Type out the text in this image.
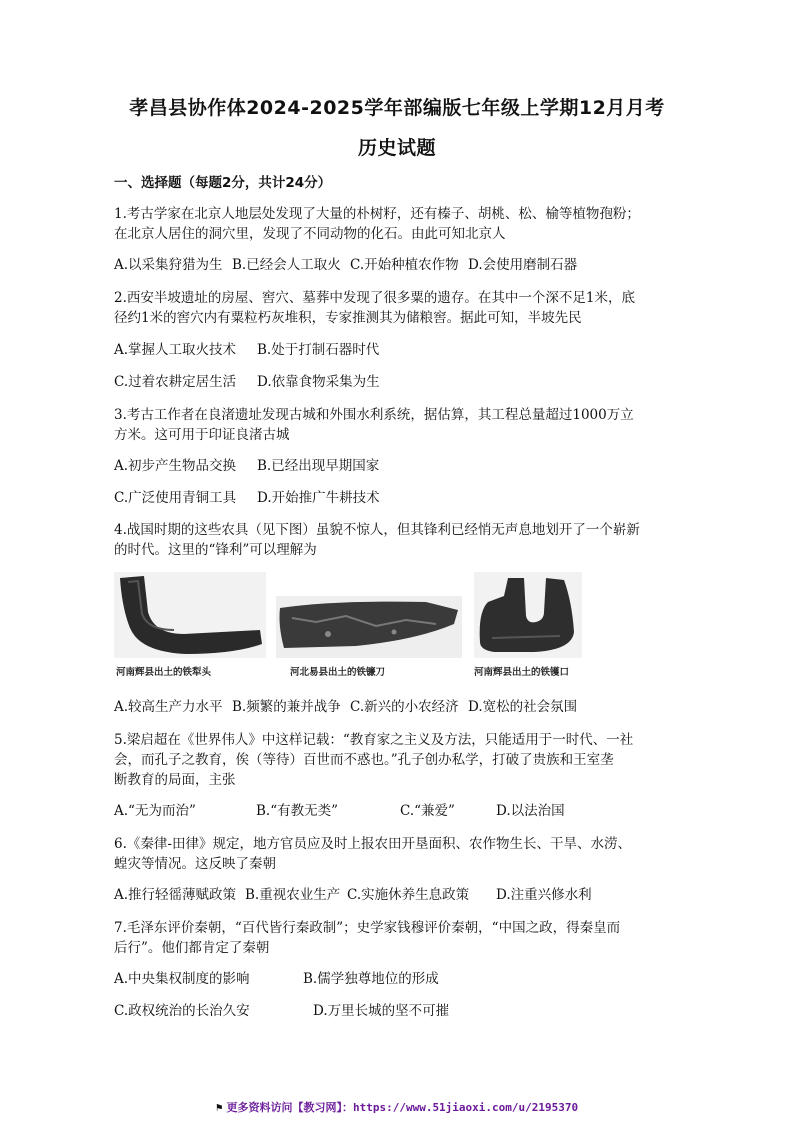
孝昌县协作体2024-2025学年部编版七年级上学期12月月考
历史试题
一、选择题（每题2分，共计24分）
1.考古学家在北京人地层处发现了大量的朴树籽，还有榛子、胡桃、松、榆等植物孢粉；
在北京人居住的洞穴里，发现了不同动物的化石。由此可知北京人
A.以采集狩猎为生 B.已经会人工取火 C.开始种植农作物 D.会使用磨制石器
2.西安半坡遗址的房屋、窖穴、墓葬中发现了很多粟的遗存。在其中一个深不足1米，底
径约1米的窖穴内有粟粒朽灰堆积，专家推测其为储粮窖。据此可知，半坡先民
A.掌握人工取火技术 B.处于打制石器时代
C.过着农耕定居生活 D.依靠食物采集为生
3.考古工作者在良渚遗址发现古城和外围水利系统，据估算，其工程总量超过1000万立
方米。这可用于印证良渚古城
A.初步产生物品交换 B.已经出现早期国家
C.广泛使用青铜工具 D.开始推广牛耕技术
4.战国时期的这些农具（见下图）虽貌不惊人，但其锋利已经悄无声息地划开了一个崭新
的时代。这里的“锋利”可以理解为
河南辉县出土的铁犁头	河北易县出土的铁镰刀	河南辉县出土的铁镬口
A.较高生产力水平 B.频繁的兼并战争 C.新兴的小农经济 D.宽松的社会氛围
5.梁启超在《世界伟人》中这样记载：“教育家之主义及方法，只能适用于一时代、一社
会，而孔子之教育，俟（等待）百世而不惑也。”孔子创办私学，打破了贵族和王室垄
断教育的局面，主张
A.“无为而治”	B.“有教无类”	C.“兼爱”	D.以法治国
6.《秦律-田律》规定，地方官员应及时上报农田开垦面积、农作物生长、干旱、水涝、
蝗灾等情况。这反映了秦朝
A.推行轻徭薄赋政策 B.重视农业生产 C.实施休养生息政策 D.注重兴修水利
7.毛泽东评价秦朝，“百代皆行秦政制”；史学家钱穆评价秦朝，“中国之政，得秦皇而
后行”。他们都肯定了秦朝
A.中央集权制度的影响	B.儒学独尊地位的形成
C.政权统治的长治久安	D.万里长城的坚不可摧
⚑ 更多资料访问【教习网】：https://www.51jiaoxi.com/u/2195370
